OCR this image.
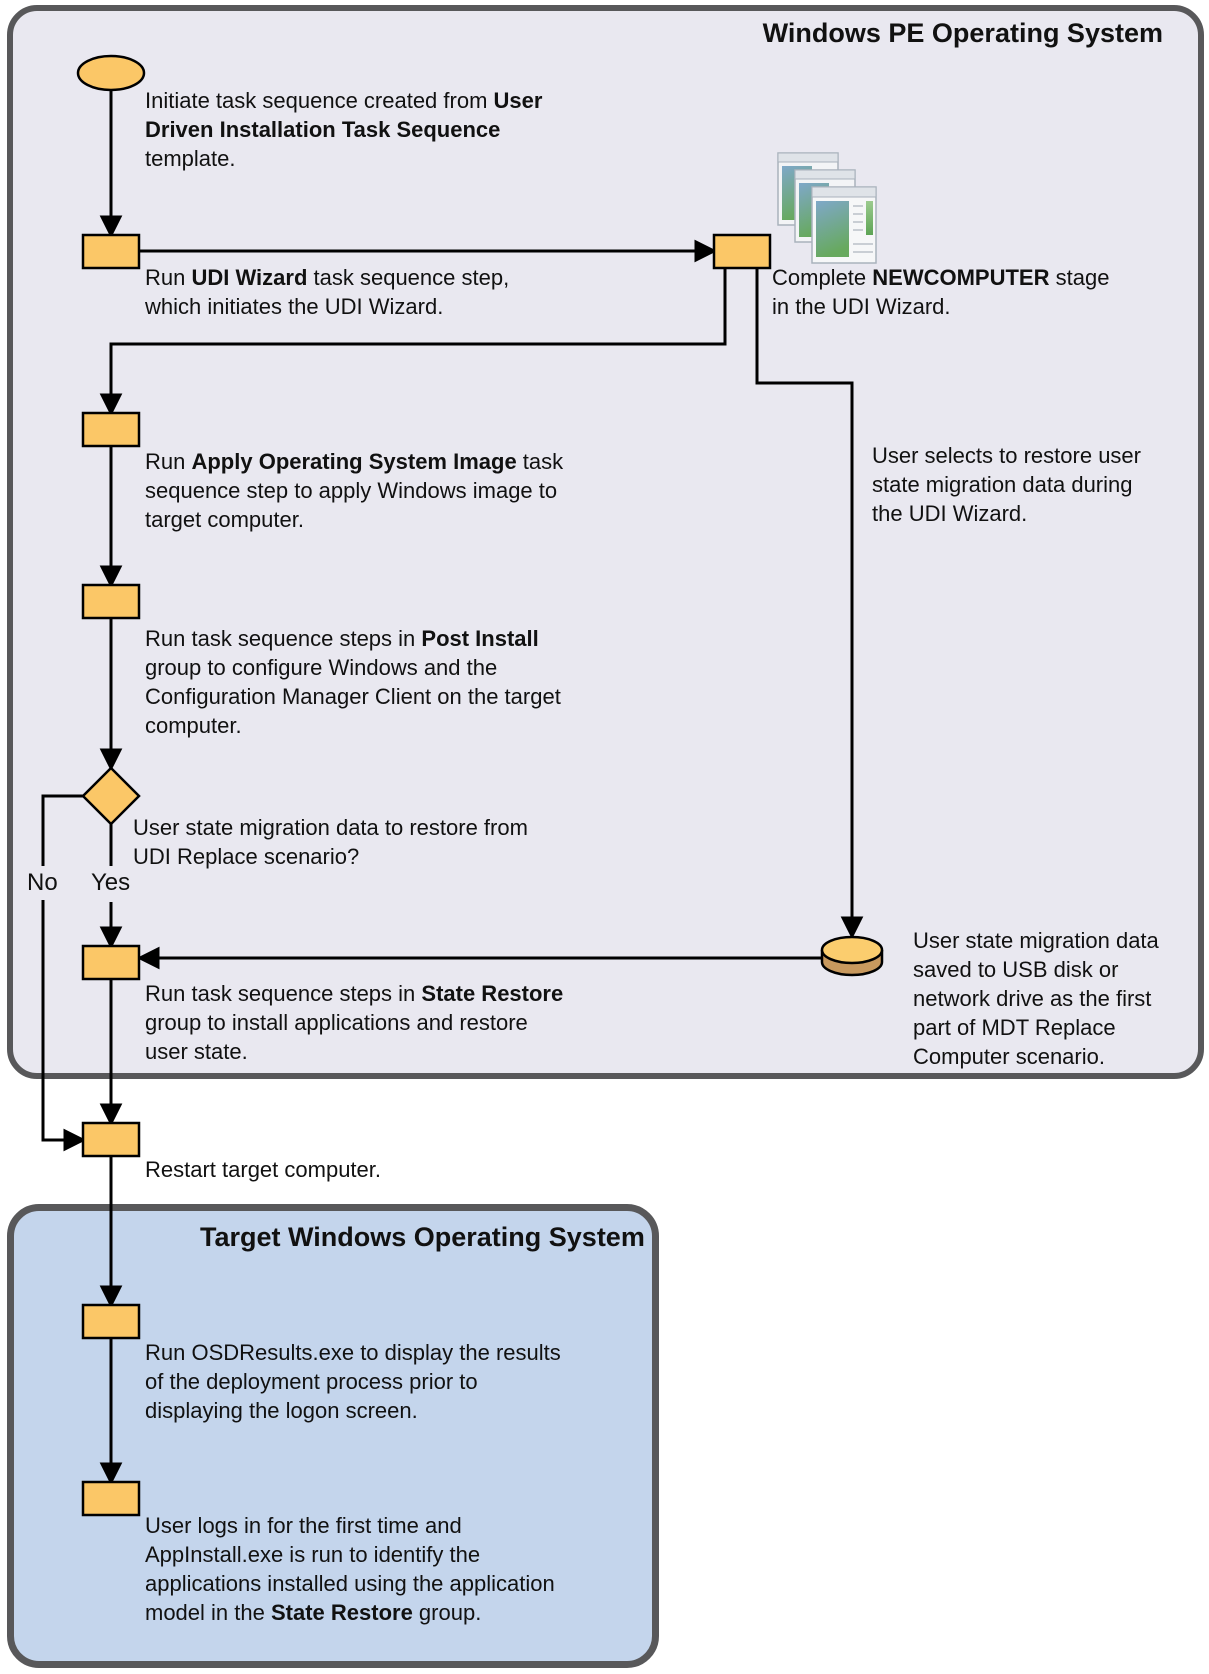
Windows PE Operating System
Target Windows Operating System
Initiate task sequence created from User
Driven Installation Task Sequence
template.
Run UDI Wizard task sequence step,
which initiates the UDI Wizard.
Complete NEWCOMPUTER stage
in the UDI Wizard.
Run Apply Operating System Image task
sequence step to apply Windows image to
target computer.
Run task sequence steps in Post Install
group to configure Windows and the
Configuration Manager Client on the target
computer.
User state migration data to restore from
UDI Replace scenario?
Run task sequence steps in State Restore
group to install applications and restore
user state.
User selects to restore user
state migration data during
the UDI Wizard.
User state migration data
saved to USB disk or
network drive as the first
part of MDT Replace
Computer scenario.
Restart target computer.
Run OSDResults.exe to display the results
of the deployment process prior to
displaying the logon screen.
User logs in for the first time and
AppInstall.exe is run to identify the
applications installed using the application
model in the State Restore group.
No Yes
